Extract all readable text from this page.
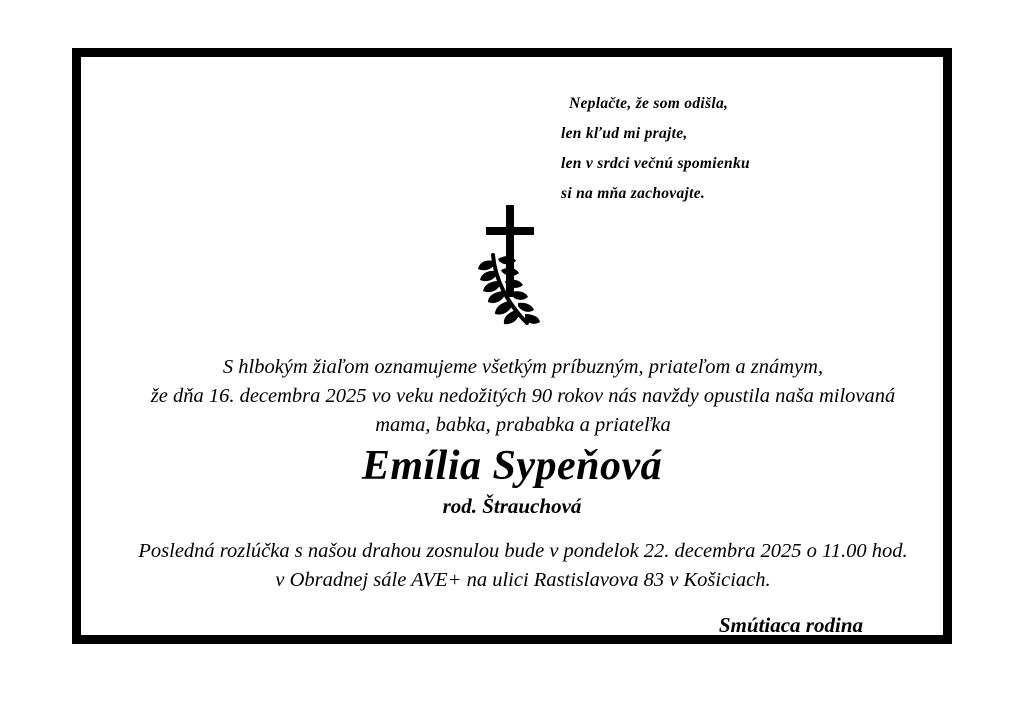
Neplačte, že som odišla,
len kľud mi prajte,
len v srdci večnú spomienku
si na mňa zachovajte.
S hlbokým žiaľom oznamujeme všetkým príbuzným, priateľom a známym,
že dňa 16. decembra 2025 vo veku nedožitých 90 rokov nás navždy opustila naša milovaná
mama, babka, prababka a priateľka
Emília Sypeňová
rod. Štrauchová
Posledná rozlúčka s našou drahou zosnulou bude v pondelok 22. decembra 2025 o 11.00 hod.
v Obradnej sále AVE+ na ulici Rastislavova 83 v Košiciach.
Smútiaca rodina
